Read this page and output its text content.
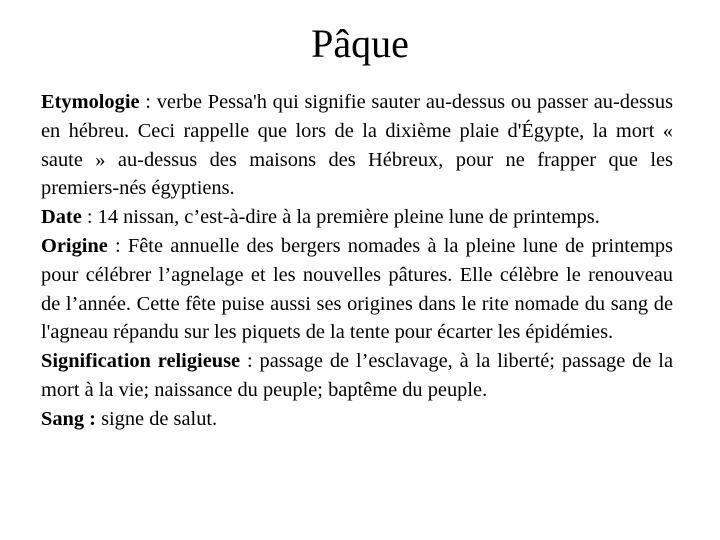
Pâque

Etymologie : verbe Pessa'h qui signifie sauter au-dessus ou passer au-dessus en hébreu. Ceci rappelle que lors de la dixième plaie d'Égypte, la mort « saute » au-dessus des maisons des Hébreux, pour ne frapper que les premiers-nés égyptiens.

Date : 14 nissan, c’est-à-dire à la première pleine lune de printemps.

Origine : Fête annuelle des bergers nomades à la pleine lune de printemps pour célébrer l’agnelage et les nouvelles pâtures. Elle célèbre le renouveau de l’année. Cette fête puise aussi ses origines dans le rite nomade du sang de l'agneau répandu sur les piquets de la tente pour écarter les épidémies.

Signification religieuse : passage de l’esclavage, à la liberté; passage de la mort à la vie; naissance du peuple; baptême du peuple.

Sang : signe de salut.
